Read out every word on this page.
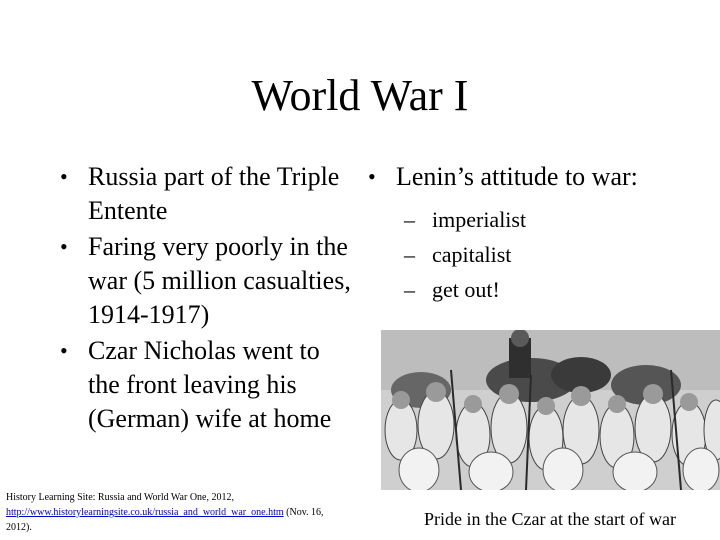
World War I
• Russia part of the Triple Entente
• Faring very poorly in the war (5 million casualties, 1914-1917)
• Czar Nicholas went to the front leaving his (German) wife at home
• Lenin’s attitude to war:
– imperialist
– capitalist
– get out!
Pride in the Czar at the start of war
History Learning Site: Russia and World War One, 2012,
http://www.historylearningsite.co.uk/russia_and_world_war_one.htm (Nov. 16, 2012).
